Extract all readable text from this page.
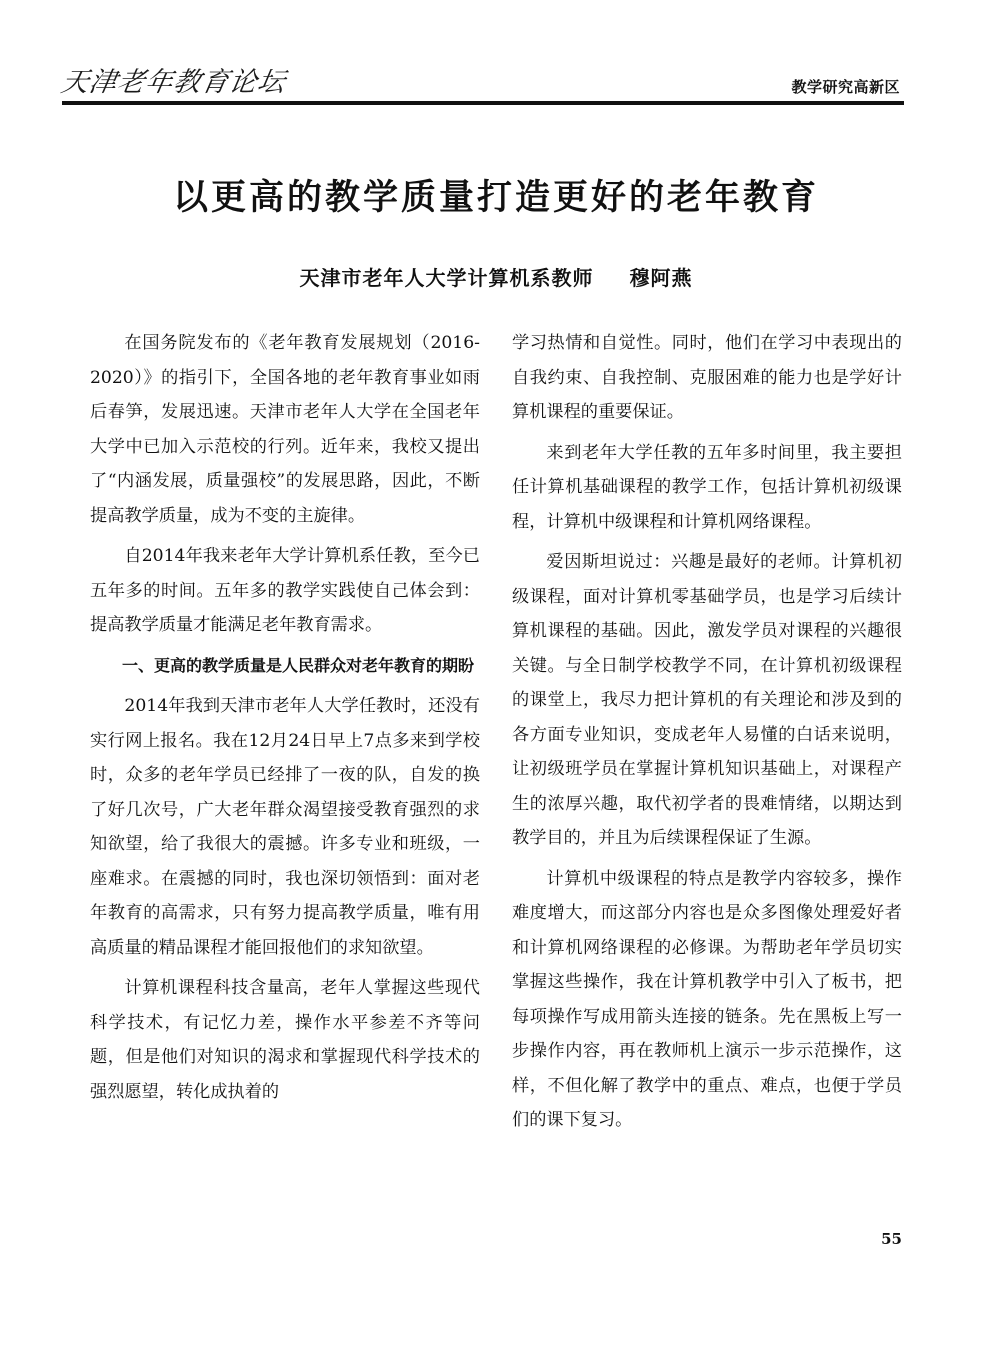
天津老年教育论坛	教学研究高新区
以更高的教学质量打造更好的老年教育
天津市老年人大学计算机系教师 穆阿燕

在国务院发布的《老年教育发展规划（2016-2020）》的指引下，全国各地的老年教育事业如雨后春笋，发展迅速。天津市老年人大学在全国老年大学中已加入示范校的行列。近年来，我校又提出了“内涵发展，质量强校”的发展思路，因此，不断提高教学质量，成为不变的主旋律。

自2014年我来老年大学计算机系任教，至今已五年多的时间。五年多的教学实践使自己体会到：提高教学质量才能满足老年教育需求。

一、更高的教学质量是人民群众对老年教育的期盼

2014年我到天津市老年人大学任教时，还没有实行网上报名。我在12月24日早上7点多来到学校时，众多的老年学员已经排了一夜的队，自发的换了好几次号，广大老年群众渴望接受教育强烈的求知欲望，给了我很大的震撼。许多专业和班级，一座难求。在震撼的同时，我也深切领悟到：面对老年教育的高需求，只有努力提高教学质量，唯有用高质量的精品课程才能回报他们的求知欲望。

计算机课程科技含量高，老年人掌握这些现代科学技术，有记忆力差，操作水平参差不齐等问题，但是他们对知识的渴求和掌握现代科学技术的强烈愿望，转化成执着的

学习热情和自觉性。同时，他们在学习中表现出的自我约束、自我控制、克服困难的能力也是学好计算机课程的重要保证。

来到老年大学任教的五年多时间里，我主要担任计算机基础课程的教学工作，包括计算机初级课程，计算机中级课程和计算机网络课程。

爱因斯坦说过：兴趣是最好的老师。计算机初级课程，面对计算机零基础学员，也是学习后续计算机课程的基础。因此，激发学员对课程的兴趣很关键。与全日制学校教学不同，在计算机初级课程的课堂上，我尽力把计算机的有关理论和涉及到的各方面专业知识，变成老年人易懂的白话来说明，让初级班学员在掌握计算机知识基础上，对课程产生的浓厚兴趣，取代初学者的畏难情绪，以期达到教学目的，并且为后续课程保证了生源。

计算机中级课程的特点是教学内容较多，操作难度增大，而这部分内容也是众多图像处理爱好者和计算机网络课程的必修课。为帮助老年学员切实掌握这些操作，我在计算机教学中引入了板书，把每项操作写成用箭头连接的链条。先在黑板上写一步操作内容，再在教师机上演示一步示范操作，这样，不但化解了教学中的重点、难点，也便于学员们的课下复习。

55
